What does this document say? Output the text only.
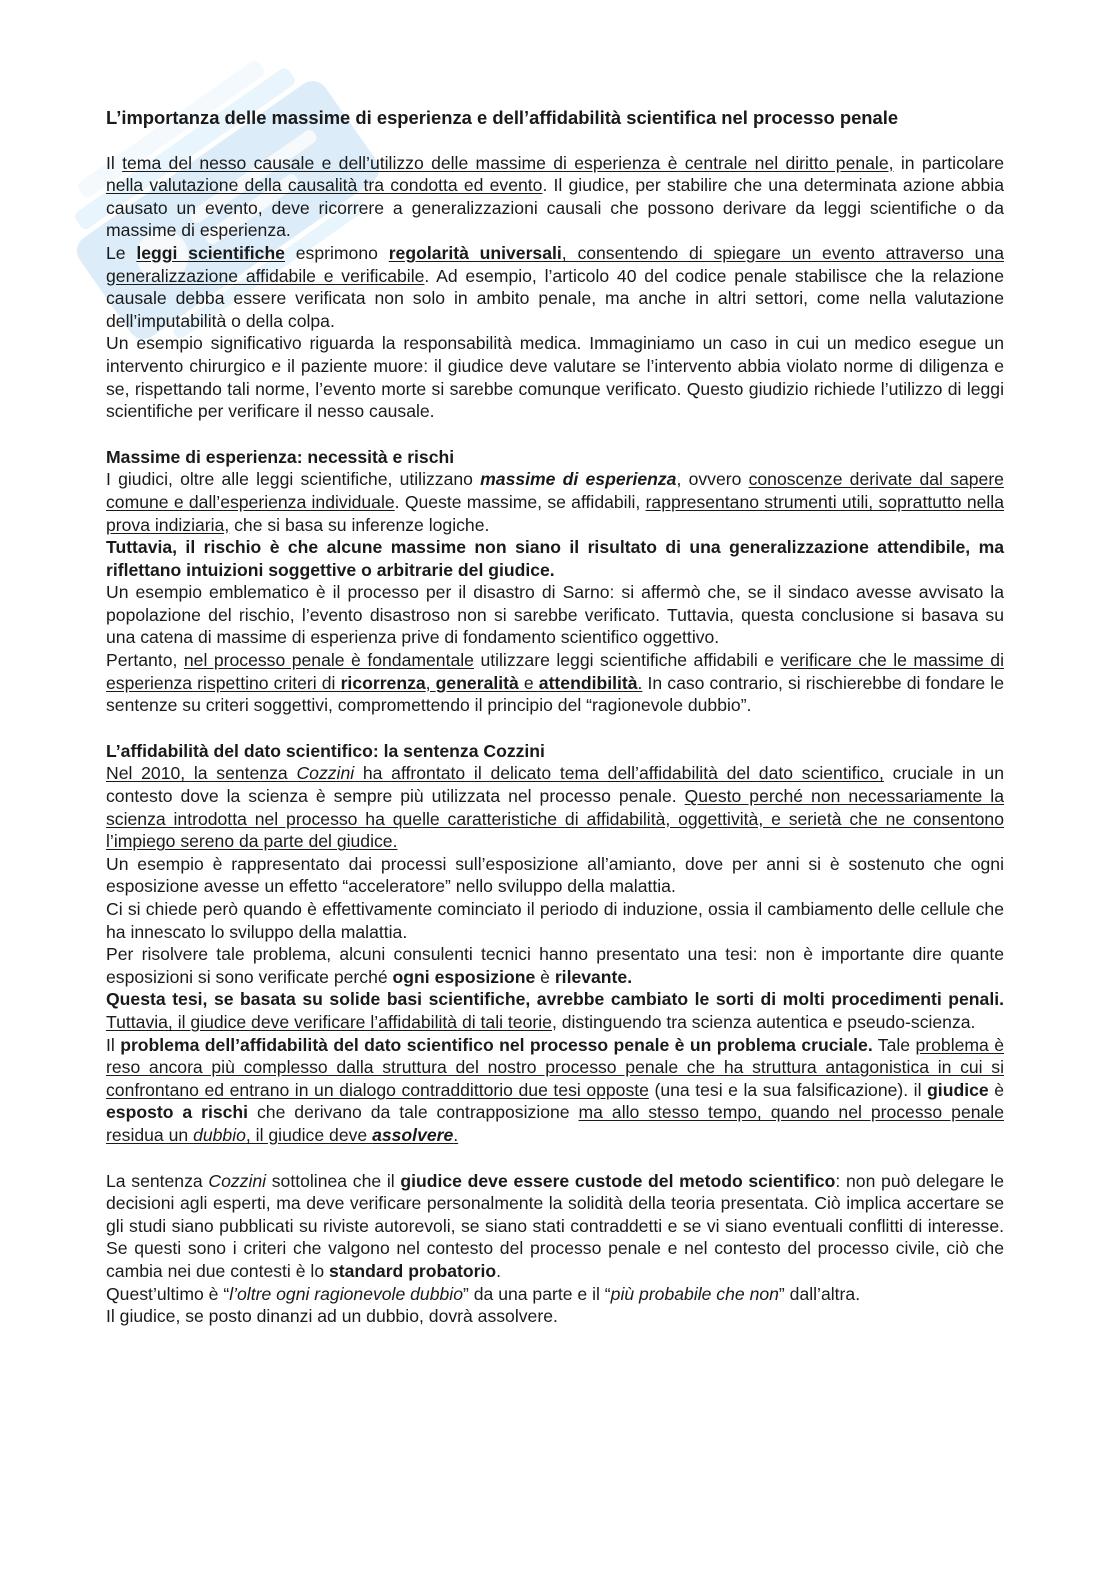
L’importanza delle massime di esperienza e dell’affidabilità scientifica nel processo penale

Il tema del nesso causale e dell’utilizzo delle massime di esperienza è centrale nel diritto penale, in particolare nella valutazione della causalità tra condotta ed evento. Il giudice, per stabilire che una determinata azione abbia causato un evento, deve ricorrere a generalizzazioni causali che possono derivare da leggi scientifiche o da massime di esperienza.

Le leggi scientifiche esprimono regolarità universali, consentendo di spiegare un evento attraverso una generalizzazione affidabile e verificabile. Ad esempio, l’articolo 40 del codice penale stabilisce che la relazione causale debba essere verificata non solo in ambito penale, ma anche in altri settori, come nella valutazione dell’imputabilità o della colpa.

Un esempio significativo riguarda la responsabilità medica. Immaginiamo un caso in cui un medico esegue un intervento chirurgico e il paziente muore: il giudice deve valutare se l’intervento abbia violato norme di diligenza e se, rispettando tali norme, l’evento morte si sarebbe comunque verificato. Questo giudizio richiede l’utilizzo di leggi scientifiche per verificare il nesso causale.

Massime di esperienza: necessità e rischi

I giudici, oltre alle leggi scientifiche, utilizzano massime di esperienza, ovvero conoscenze derivate dal sapere comune e dall’esperienza individuale. Queste massime, se affidabili, rappresentano strumenti utili, soprattutto nella prova indiziaria, che si basa su inferenze logiche.

Tuttavia, il rischio è che alcune massime non siano il risultato di una generalizzazione attendibile, ma riflettano intuizioni soggettive o arbitrarie del giudice.

Un esempio emblematico è il processo per il disastro di Sarno: si affermò che, se il sindaco avesse avvisato la popolazione del rischio, l’evento disastroso non si sarebbe verificato. Tuttavia, questa conclusione si basava su una catena di massime di esperienza prive di fondamento scientifico oggettivo.

Pertanto, nel processo penale è fondamentale utilizzare leggi scientifiche affidabili e verificare che le massime di esperienza rispettino criteri di ricorrenza, generalità e attendibilità. In caso contrario, si rischierebbe di fondare le sentenze su criteri soggettivi, compromettendo il principio del “ragionevole dubbio”.

L’affidabilità del dato scientifico: la sentenza Cozzini

Nel 2010, la sentenza Cozzini ha affrontato il delicato tema dell’affidabilità del dato scientifico, cruciale in un contesto dove la scienza è sempre più utilizzata nel processo penale. Questo perché non necessariamente la scienza introdotta nel processo ha quelle caratteristiche di affidabilità, oggettività, e serietà che ne consentono l’impiego sereno da parte del giudice.

Un esempio è rappresentato dai processi sull’esposizione all’amianto, dove per anni si è sostenuto che ogni esposizione avesse un effetto “acceleratore” nello sviluppo della malattia.

Ci si chiede però quando è effettivamente cominciato il periodo di induzione, ossia il cambiamento delle cellule che ha innescato lo sviluppo della malattia.

Per risolvere tale problema, alcuni consulenti tecnici hanno presentato una tesi: non è importante dire quante esposizioni si sono verificate perché ogni esposizione è rilevante.

Questa tesi, se basata su solide basi scientifiche, avrebbe cambiato le sorti di molti procedimenti penali. Tuttavia, il giudice deve verificare l’affidabilità di tali teorie, distinguendo tra scienza autentica e pseudo-scienza.

Il problema dell’affidabilità del dato scientifico nel processo penale è un problema cruciale. Tale problema è reso ancora più complesso dalla struttura del nostro processo penale che ha struttura antagonistica in cui si confrontano ed entrano in un dialogo contraddittorio due tesi opposte (una tesi e la sua falsificazione). il giudice è esposto a rischi che derivano da tale contrapposizione ma allo stesso tempo, quando nel processo penale residua un dubbio, il giudice deve assolvere.

La sentenza Cozzini sottolinea che il giudice deve essere custode del metodo scientifico: non può delegare le decisioni agli esperti, ma deve verificare personalmente la solidità della teoria presentata. Ciò implica accertare se gli studi siano pubblicati su riviste autorevoli, se siano stati contraddetti e se vi siano eventuali conflitti di interesse. Se questi sono i criteri che valgono nel contesto del processo penale e nel contesto del processo civile, ciò che cambia nei due contesti è lo standard probatorio.

Quest’ultimo è “l’oltre ogni ragionevole dubbio” da una parte e il “più probabile che non” dall’altra.

Il giudice, se posto dinanzi ad un dubbio, dovrà assolvere.
